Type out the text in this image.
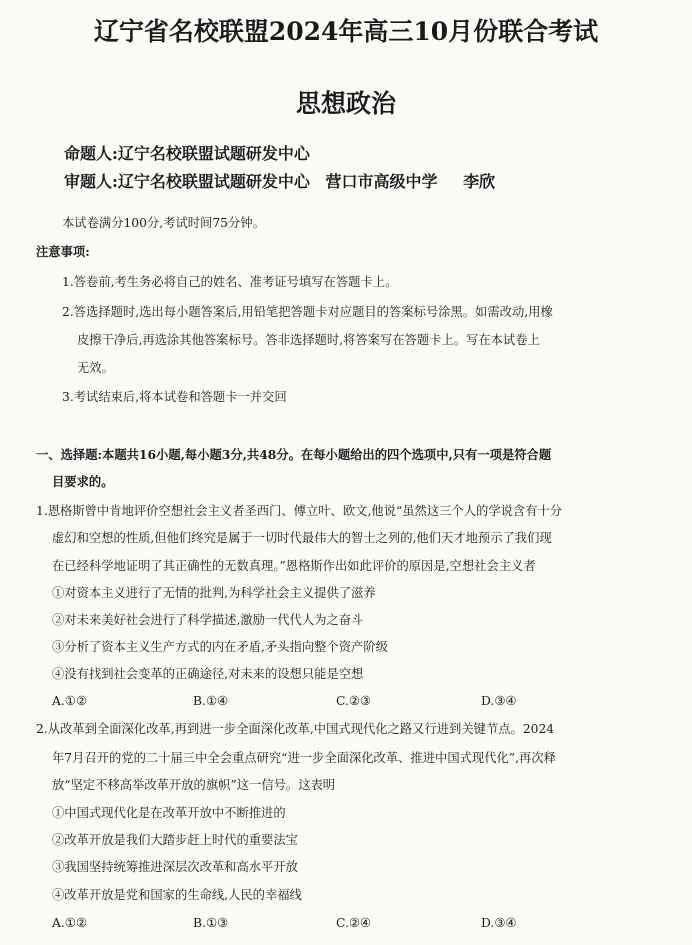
辽宁省名校联盟2024年高三10月份联合考试
思想政治
命题人:辽宁名校联盟试题研发中心
审题人:辽宁名校联盟试题研发中心 营口市高级中学 李欣
本试卷满分100分,考试时间75分钟。
注意事项:
1.答卷前,考生务必将自己的姓名、准考证号填写在答题卡上。
2.答选择题时,选出每小题答案后,用铅笔把答题卡对应题目的答案标号涂黑。如需改动,用橡
皮擦干净后,再选涂其他答案标号。答非选择题时,将答案写在答题卡上。写在本试卷上
无效。
3.考试结束后,将本试卷和答题卡一并交回
一、选择题:本题共16小题,每小题3分,共48分。在每小题给出的四个选项中,只有一项是符合题
目要求的。
1.恩格斯曾中肯地评价空想社会主义者圣西门、傅立叶、欧文,他说“虽然这三个人的学说含有十分
虚幻和空想的性质,但他们终究是属于一切时代最伟大的智士之列的,他们天才地预示了我们现
在已经科学地证明了其正确性的无数真理。”恩格斯作出如此评价的原因是,空想社会主义者
①对资本主义进行了无情的批判,为科学社会主义提供了滋养
②对未来美好社会进行了科学描述,激励一代代人为之奋斗
③分析了资本主义生产方式的内在矛盾,矛头指向整个资产阶级
④没有找到社会变革的正确途径,对未来的设想只能是空想
A.①②	B.①④	C.②③	D.③④
2.从改革到全面深化改革,再到进一步全面深化改革,中国式现代化之路又行进到关键节点。2024
年7月召开的党的二十届三中全会重点研究“进一步全面深化改革、推进中国式现代化”,再次释
放“坚定不移高举改革开放的旗帜”这一信号。这表明
①中国式现代化是在改革开放中不断推进的
②改革开放是我们大踏步赶上时代的重要法宝
③我国坚持统筹推进深层次改革和高水平开放
④改革开放是党和国家的生命线,人民的幸福线
A.①②	B.①③	C.②④	D.③④
